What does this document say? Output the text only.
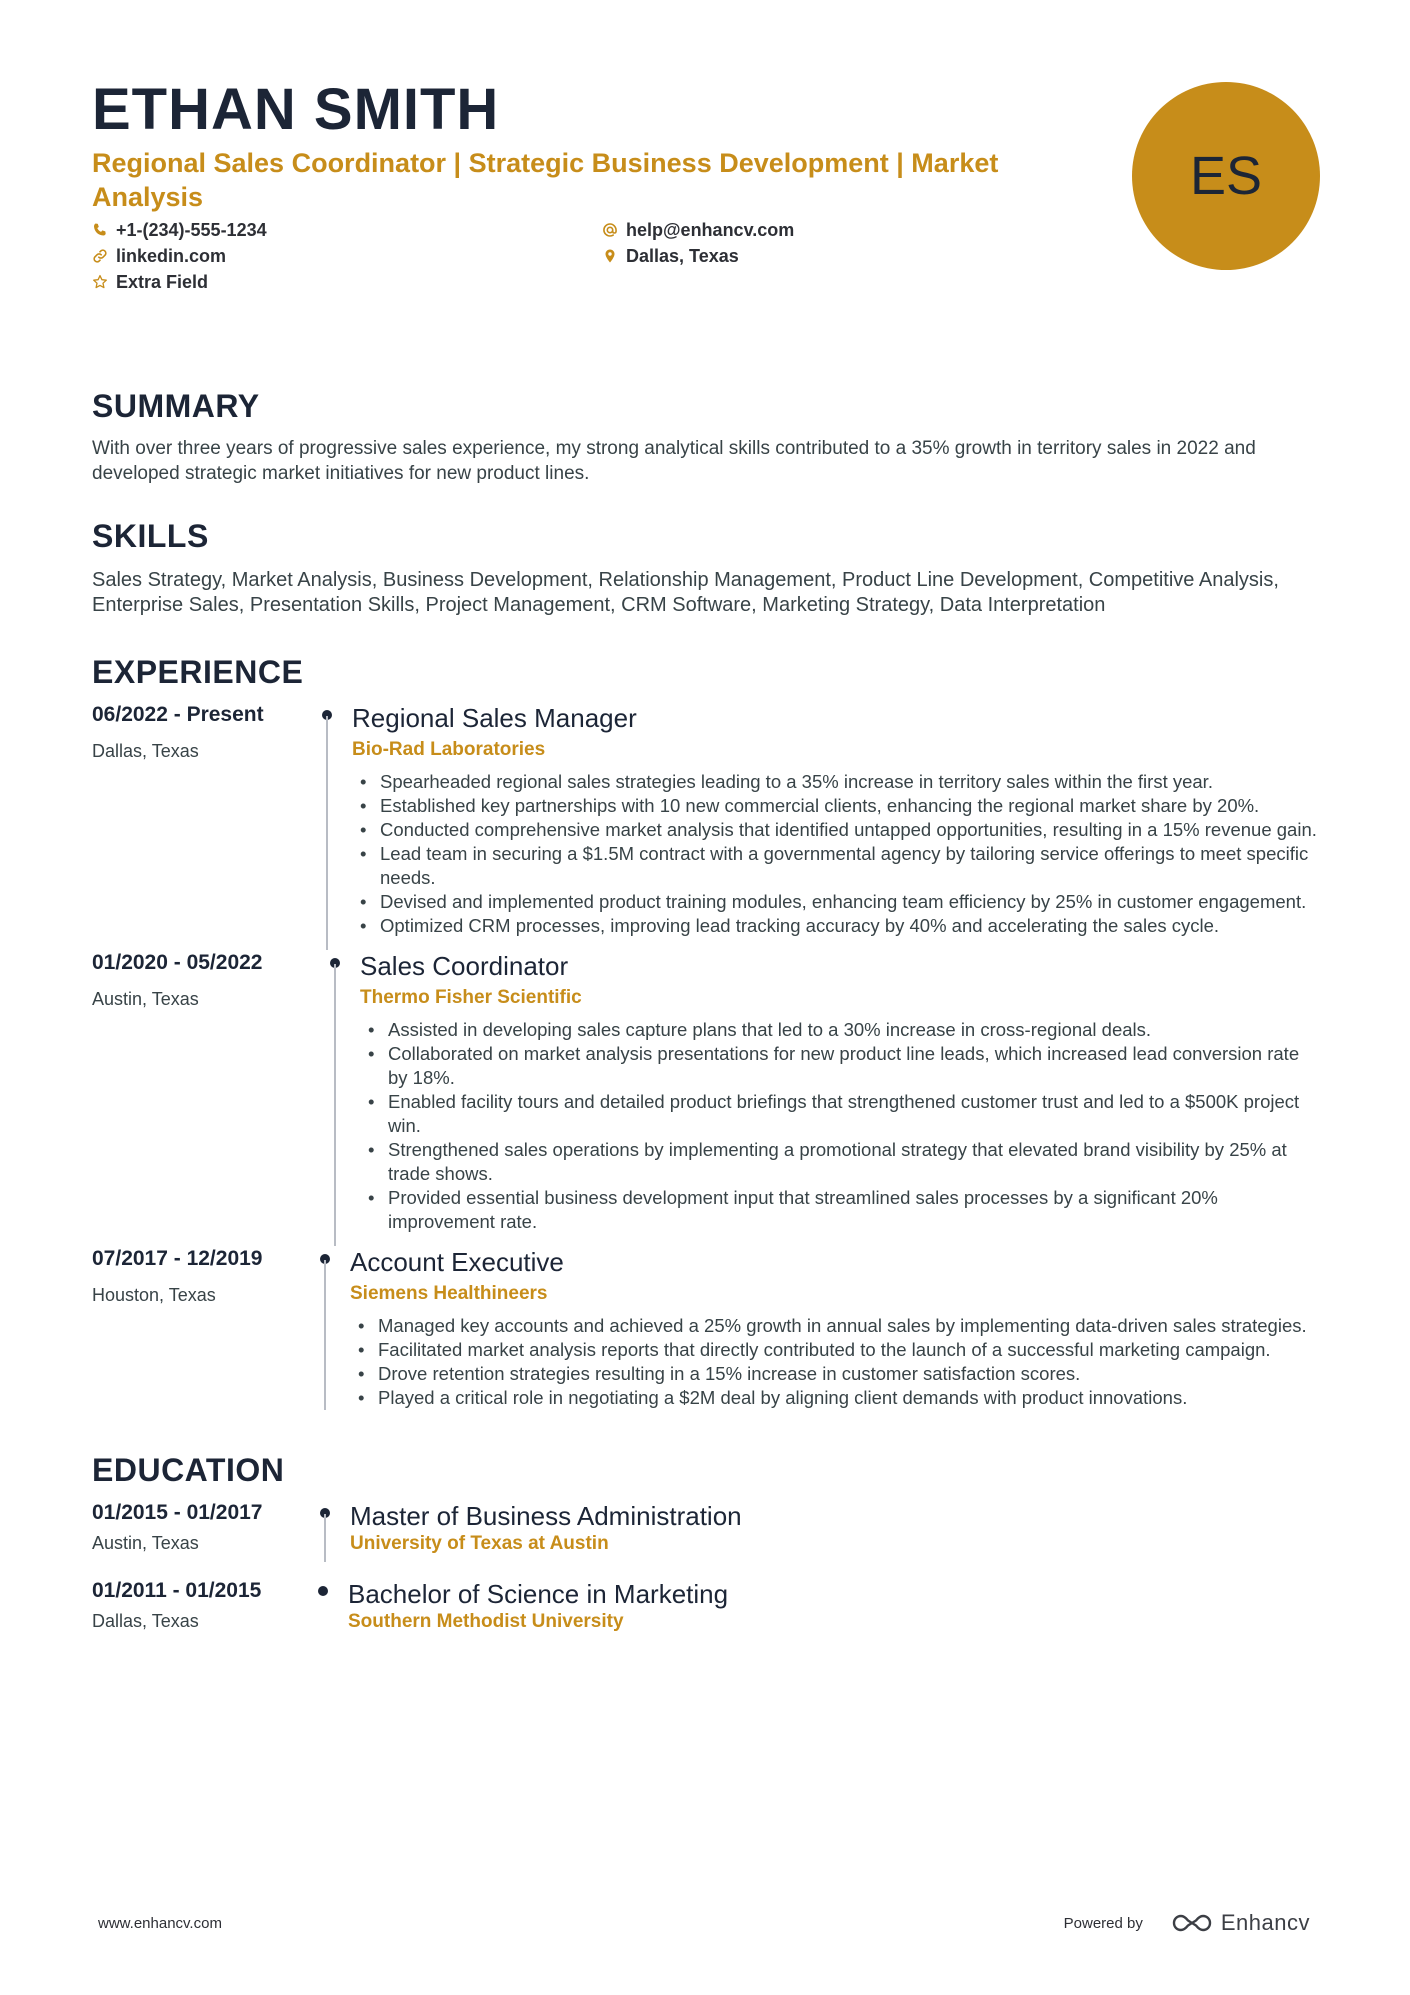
ETHAN SMITH
Regional Sales Coordinator | Strategic Business Development | Market Analysis
+1-(234)-555-1234	help@enhancv.com
linkedin.com	Dallas, Texas
Extra Field
ES
SUMMARY

With over three years of progressive sales experience, my strong analytical skills contributed to a 35% growth in territory sales in 2022 and developed strategic market initiatives for new product lines.

SKILLS

Sales Strategy, Market Analysis, Business Development, Relationship Management, Product Line Development, Competitive Analysis, Enterprise Sales, Presentation Skills, Project Management, CRM Software, Marketing Strategy, Data Interpretation

EXPERIENCE
06/2022 - Present
Dallas, Texas
Regional Sales Manager
Bio-Rad Laboratories
• Spearheaded regional sales strategies leading to a 35% increase in territory sales within the first year.
• Established key partnerships with 10 new commercial clients, enhancing the regional market share by 20%.
• Conducted comprehensive market analysis that identified untapped opportunities, resulting in a 15% revenue gain.
• Lead team in securing a $1.5M contract with a governmental agency by tailoring service offerings to meet specific needs.
• Devised and implemented product training modules, enhancing team efficiency by 25% in customer engagement.
• Optimized CRM processes, improving lead tracking accuracy by 40% and accelerating the sales cycle.
01/2020 - 05/2022
Austin, Texas
Sales Coordinator
Thermo Fisher Scientific
• Assisted in developing sales capture plans that led to a 30% increase in cross-regional deals.
• Collaborated on market analysis presentations for new product line leads, which increased lead conversion rate by 18%.
• Enabled facility tours and detailed product briefings that strengthened customer trust and led to a $500K project win.
• Strengthened sales operations by implementing a promotional strategy that elevated brand visibility by 25% at trade shows.
• Provided essential business development input that streamlined sales processes by a significant 20% improvement rate.
07/2017 - 12/2019
Houston, Texas
Account Executive
Siemens Healthineers
• Managed key accounts and achieved a 25% growth in annual sales by implementing data-driven sales strategies.
• Facilitated market analysis reports that directly contributed to the launch of a successful marketing campaign.
• Drove retention strategies resulting in a 15% increase in customer satisfaction scores.
• Played a critical role in negotiating a $2M deal by aligning client demands with product innovations.
EDUCATION
01/2015 - 01/2017
Austin, Texas
Master of Business Administration
University of Texas at Austin
01/2011 - 01/2015
Dallas, Texas
Bachelor of Science in Marketing
Southern Methodist University
www.enhancv.com	Powered by	Enhancv
